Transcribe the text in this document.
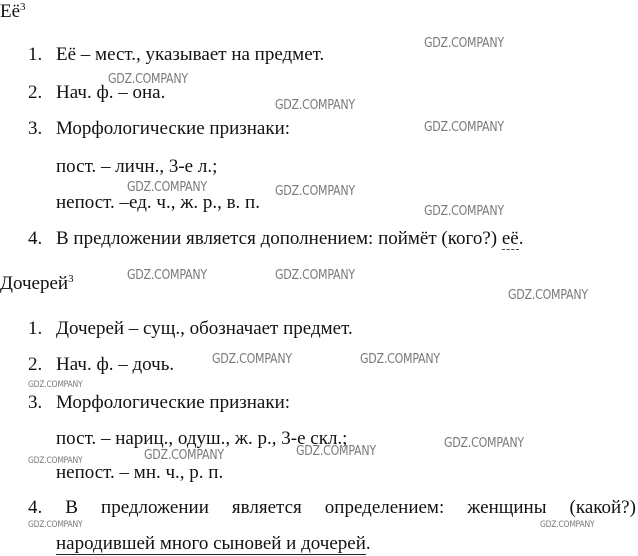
$Её^3$
1. Её – мест., указывает на предмет.
2. Нач. ф. – она.
3. Морфологические признаки:
пост. – личн., 3-е л.;
непост. –ед. ч., ж. р., в. п.
4. В предложении является дополнением: поймёт (кого?) её.
Дочерей$^3$
1. Дочерей – сущ., обозначает предмет.
2. Нач. ф. – дочь.
3. Морфологические признаки:
пост. – нариц., одуш., ж. р., 3-е скл.;
непост. – мн. ч., р. п.
4. В предложении является определением: женщины (какой?)
народившей много сыновей и дочерей.
GDZ.COMPANY
GDZ.COMPANY
GDZ.COMPANY
GDZ.COMPANY
GDZ.COMPANY	GDZ.COMPANY
GDZ.COMPANY
GDZ.COMPANY	GDZ.COMPANY
GDZ.COMPANY
GDZ.COMPANY	GDZ.COMPANY
GDZ.COMPANY
GDZ.COMPANY
GDZ.COMPANY
GDZ.COMPANY
GDZ.COMPANY
GDZ.COMPANY	GDZ.COMPANY
